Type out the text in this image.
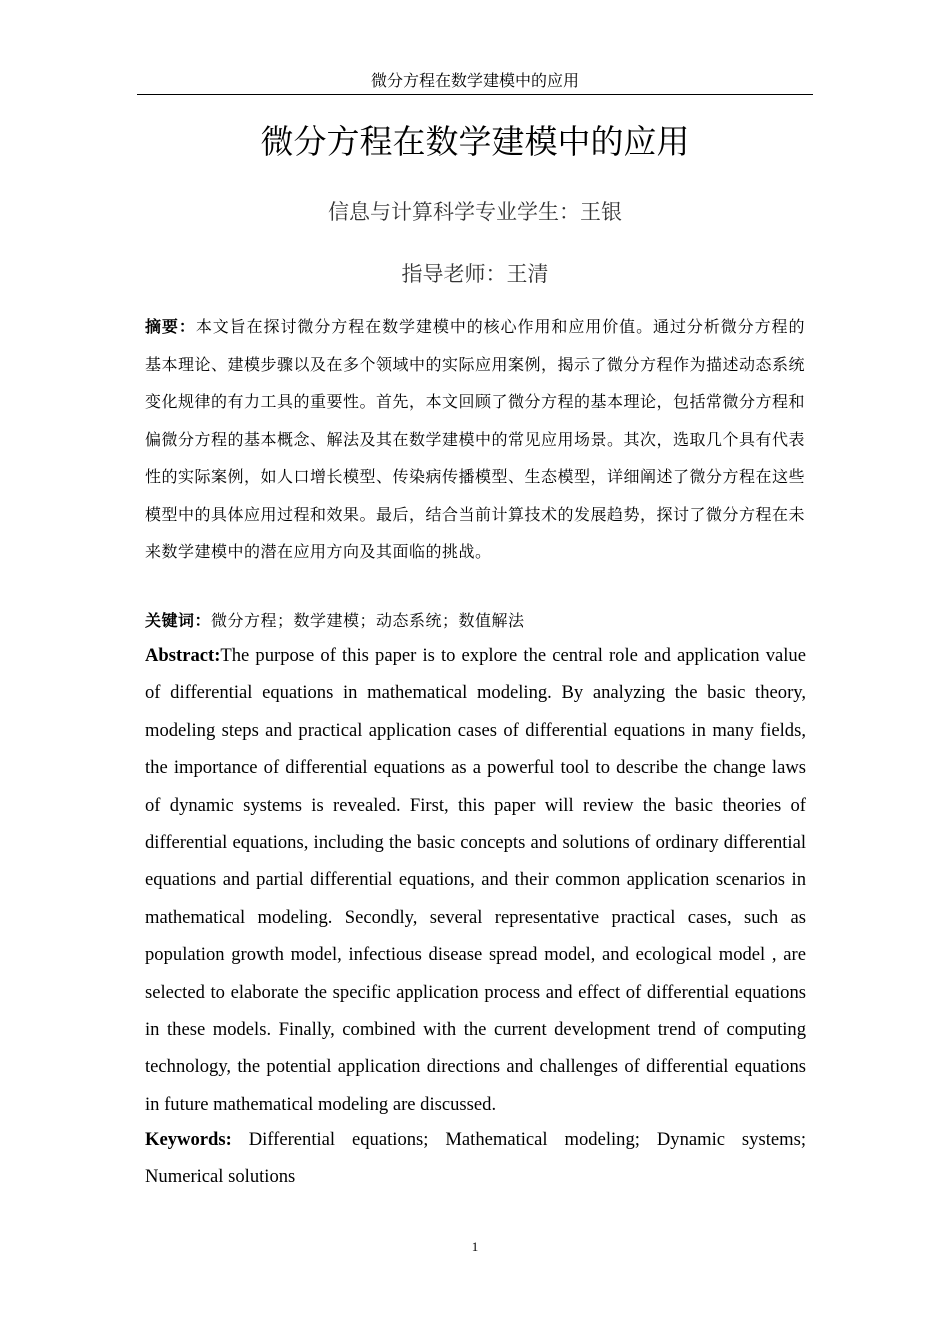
微分方程在数学建模中的应用
微分方程在数学建模中的应用
信息与计算科学专业学生：王银
指导老师：王清
摘要：本文旨在探讨微分方程在数学建模中的核心作用和应用价值。通过分析微分方程的基本理论、建模步骤以及在多个领域中的实际应用案例，揭示了微分方程作为描述动态系统变化规律的有力工具的重要性。首先，本文回顾了微分方程的基本理论，包括常微分方程和偏微分方程的基本概念、解法及其在数学建模中的常见应用场景。其次，选取几个具有代表性的实际案例，如人口增长模型、传染病传播模型、生态模型，详细阐述了微分方程在这些模型中的具体应用过程和效果。最后，结合当前计算技术的发展趋势，探讨了微分方程在未来数学建模中的潜在应用方向及其面临的挑战。
关键词：微分方程；数学建模；动态系统；数值解法
Abstract:The purpose of this paper is to explore the central role and application value of differential equations in mathematical modeling. By analyzing the basic theory, modeling steps and practical application cases of differential equations in many fields, the importance of differential equations as a powerful tool to describe the change laws of dynamic systems is revealed. First, this paper will review the basic theories of differential equations, including the basic concepts and solutions of ordinary differential equations and partial differential equations, and their common application scenarios in mathematical modeling. Secondly, several representative practical cases, such as population growth model, infectious disease spread model, and ecological model , are selected to elaborate the specific application process and effect of differential equations in these models. Finally, combined with the current development trend of computing technology, the potential application directions and challenges of differential equations in future mathematical modeling are discussed.
Keywords: Differential equations; Mathematical modeling; Dynamic systems; Numerical solutions
1
